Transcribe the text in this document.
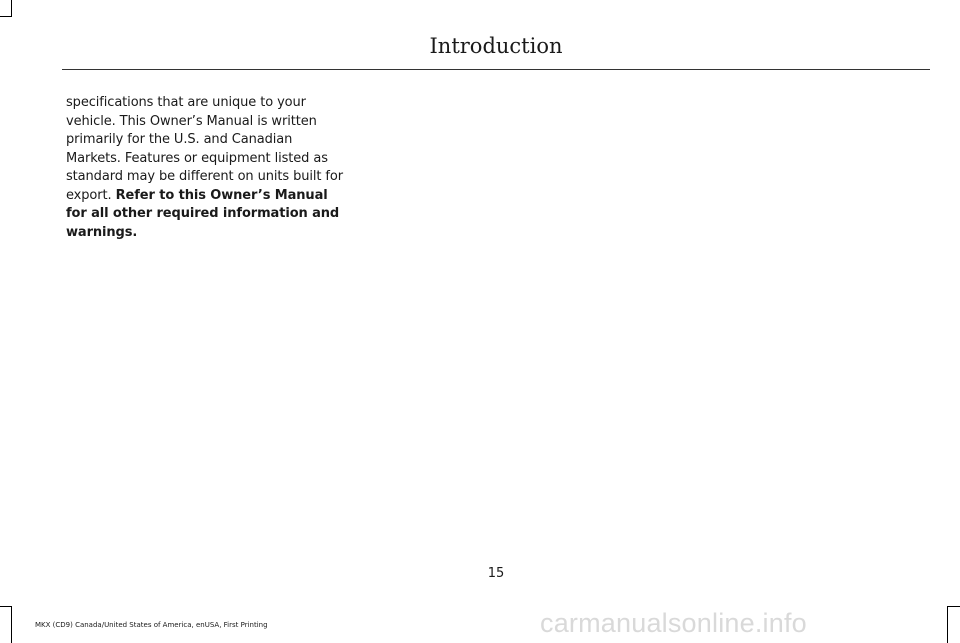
Introduction

specifications that are unique to your vehicle. This Owner’s Manual is written primarily for the U.S. and Canadian Markets. Features or equipment listed as standard may be different on units built for export. Refer to this Owner’s Manual for all other required information and warnings.

15
MKX (CD9) Canada/United States of America, enUSA, First Printing	carmanualsonline.info
